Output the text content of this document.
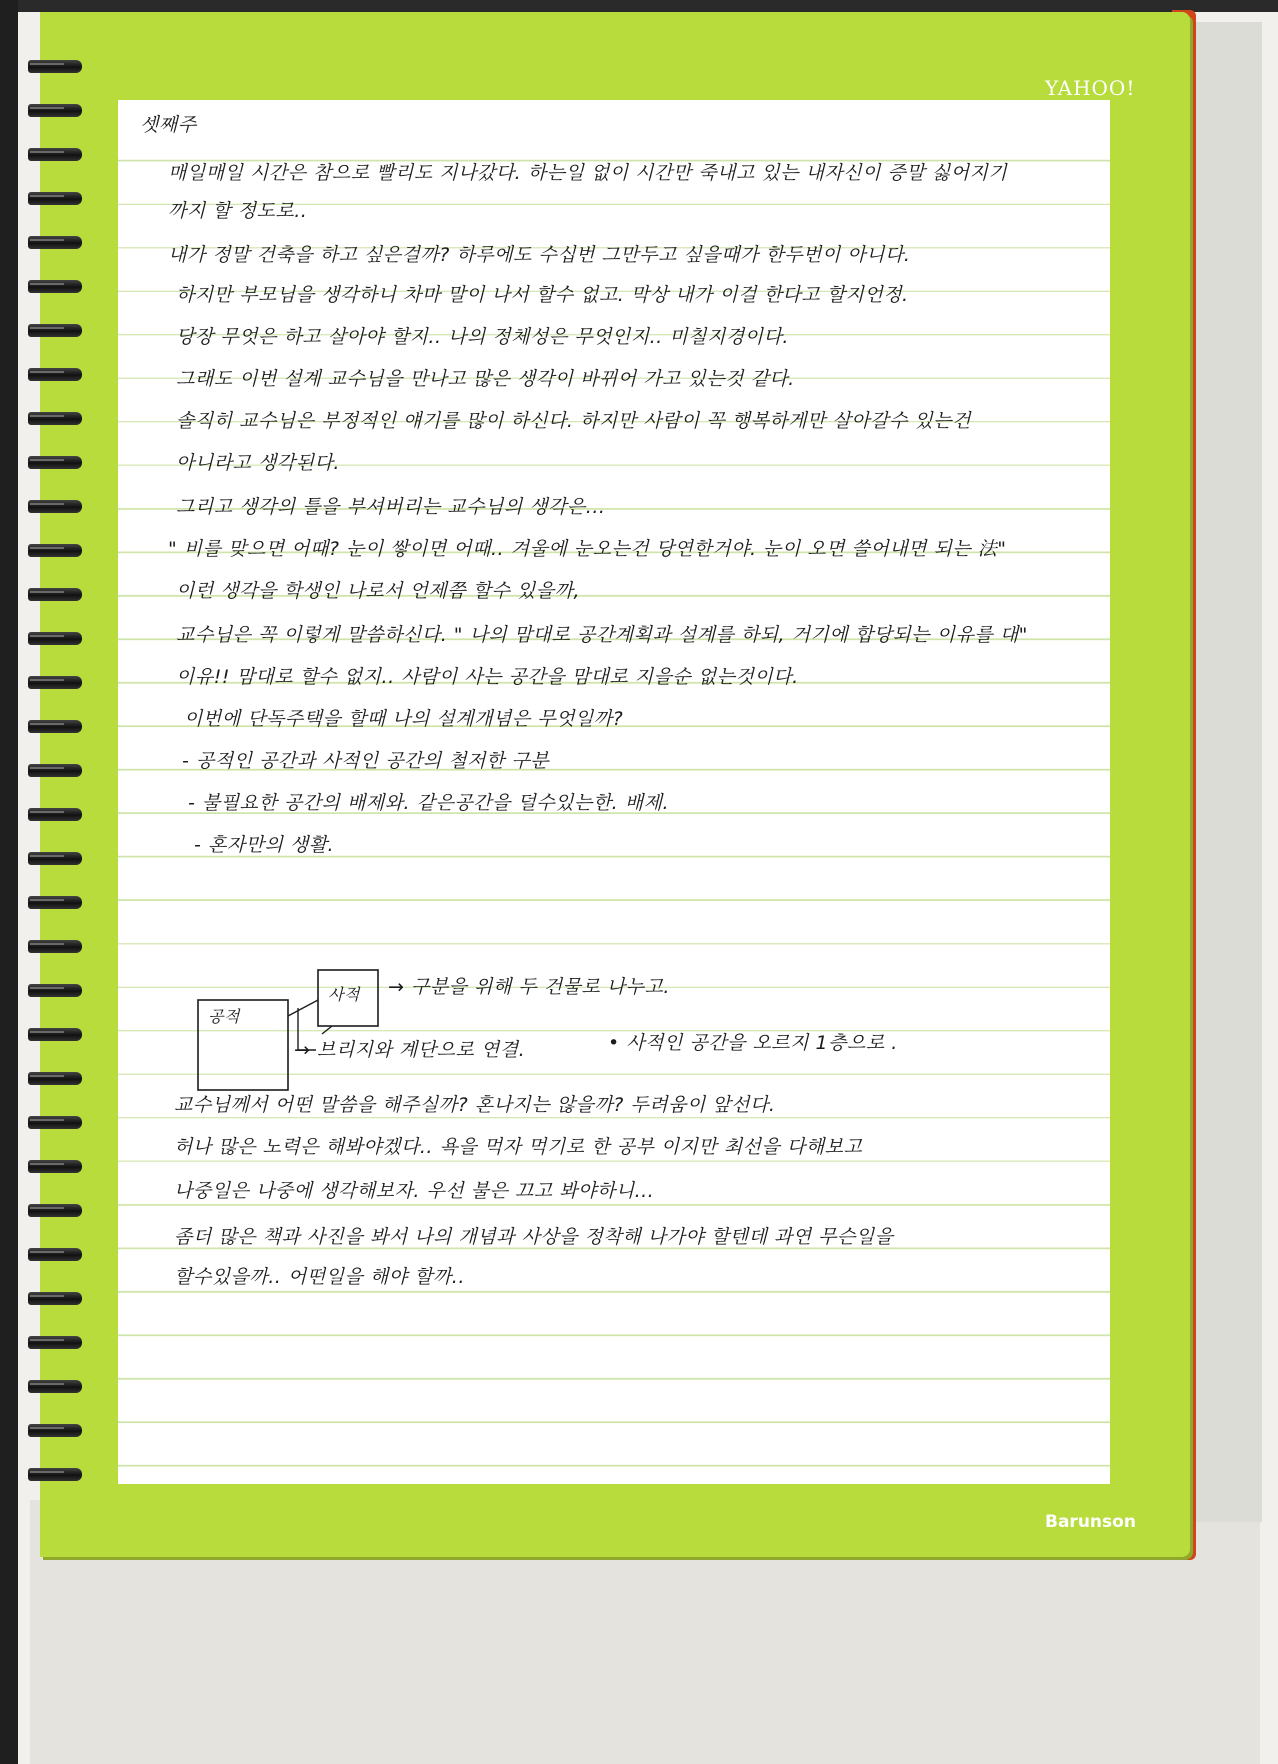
YAHOO!
Barunson
셋째주
매일매일 시간은 참으로 빨리도 지나갔다. 하는일 없이 시간만 죽내고 있는 내자신이 증말 싫어지기
까지 할 정도로..
내가 정말 건축을 하고 싶은걸까? 하루에도 수십번 그만두고 싶을때가 한두번이 아니다.
하지만 부모님을 생각하니 차마 말이 나서 할수 없고. 막상 내가 이걸 한다고 할지언정.
당장 무엇은 하고 살아야 할지.. 나의 정체성은 무엇인지.. 미칠지경이다.
그래도 이번 설계 교수님을 만나고 많은 생각이 바뀌어 가고 있는것 같다.
솔직히 교수님은 부정적인 얘기를 많이 하신다. 하지만 사람이 꼭 행복하게만 살아갈수 있는건
아니라고 생각된다.
그리고 생각의 틀을 부셔버리는 교수님의 생각은...
" 비를 맞으면 어때? 눈이 쌓이면 어때.. 겨울에 눈오는건 당연한거야. 눈이 오면 쓸어내면 되는 法"
이런 생각을 학생인 나로서 언제쯤 할수 있을까,
교수님은 꼭 이렇게 말씀하신다. " 나의 맘대로 공간계획과 설계를 하되, 거기에 합당되는 이유를 대"
이유!! 맘대로 할수 없지.. 사람이 사는 공간을 맘대로 지을순 없는것이다.
이번에 단독주택을 할때 나의 설계개념은 무엇일까?
- 공적인 공간과 사적인 공간의 철저한 구분
- 불필요한 공간의 배제와. 같은공간을 덜수있는한. 배제.
- 혼자만의 생활.
공적
사적 → 구분을 위해 두 건물로 나누고.
→ 브리지와 계단으로 연결.	• 사적인 공간을 오르지 1층으로 .
교수님께서 어떤 말씀을 해주실까? 혼나지는 않을까? 두려움이 앞선다.
허나 많은 노력은 해봐야겠다.. 욕을 먹자 먹기로 한 공부 이지만 최선을 다해보고
나중일은 나중에 생각해보자. 우선 불은 끄고 봐야하니...
좀더 많은 책과 사진을 봐서 나의 개념과 사상을 정착해 나가야 할텐데 과연 무슨일을
할수있을까.. 어떤일을 해야 할까..
